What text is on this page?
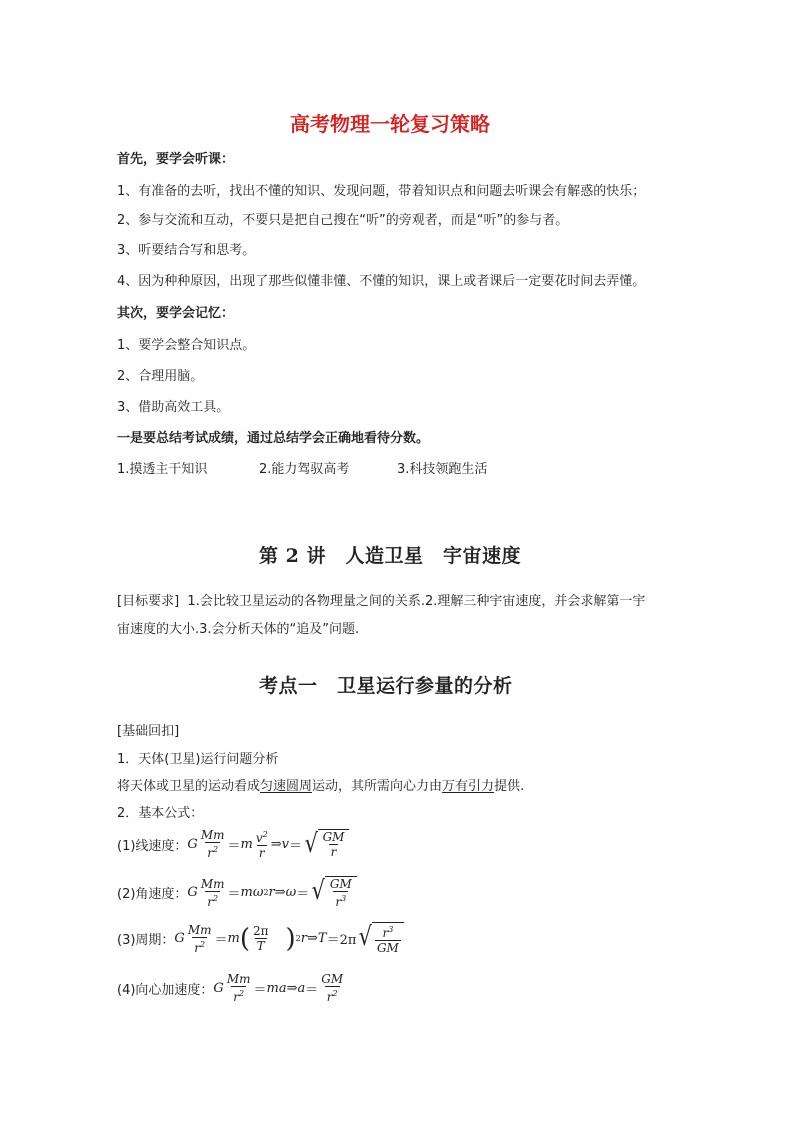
高考物理一轮复习策略
首先，要学会听课：
1、有准备的去听，找出不懂的知识、发现问题，带着知识点和问题去听课会有解惑的快乐；
2、参与交流和互动，不要只是把自己搜在“听”的旁观者，而是“听”的参与者。
3、听要结合写和思考。
4、因为种种原因，出现了那些似懂非懂、不懂的知识，课上或者课后一定要花时间去弄懂。
其次，要学会记忆：
1、要学会整合知识点。
2、合理用脑。
3、借助高效工具。
一是要总结考试成绩，通过总结学会正确地看待分数。
1.摸透主干知识	2.能力驾驭高考	3.科技领跑生活
第 2 讲　人造卫星　宇宙速度
[目标要求] 1.会比较卫星运动的各物理量之间的关系.2.理解三种宇宙速度，并会求解第一宇
宙速度的大小.3.会分析天体的“追及”问题.
考点一　卫星运行参量的分析
[基础回扣]
1．天体(卫星)运行问题分析
将天体或卫星的运动看成匀速圆周运动，其所需向心力由万有引力提供.
2．基本公式：
(1)线速度： G $\frac{Mm}{r^2} = m \frac{v^2}{r}$ ⇒ v ＝ √ $\frac{GM}{r}$
(2)角速度： G $\frac{Mm}{r^2} = m\omega$ 2 r ⇒ ω ＝ √ $\frac{GM}{r^3}$
(3)周期： G $\frac{Mm}{r^2} = m$ ( $\frac{2\pi}{T}$ ) 2 r ⇒ T ＝2π √ $\frac{r^3}{GM}$
(4)向心加速度： G $\frac{Mm}{r^2}$ ＝ ma ⇒ $a = \frac{GM}{r^2}$
